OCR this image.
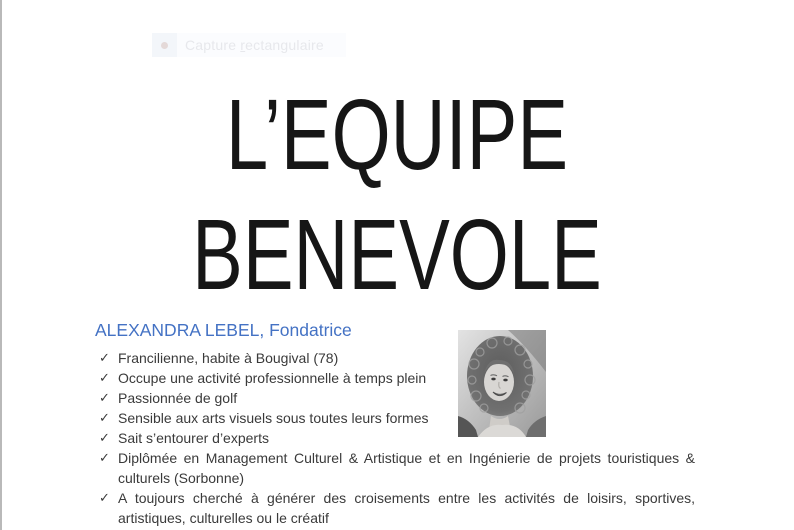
Capture rectangulaire
L’EQUIPE
BENEVOLE
ALEXANDRA LEBEL, Fondatrice
✓ Francilienne, habite à Bougival (78)
✓ Occupe une activité professionnelle à temps plein
✓ Passionnée de golf
✓ Sensible aux arts visuels sous toutes leurs formes
✓ Sait s’entourer d’experts
✓ Diplômée en Management Culturel & Artistique et en Ingénierie de projets touristiques & culturels (Sorbonne)
✓ A toujours cherché à générer des croisements entre les activités de loisirs, sportives, artistiques, culturelles ou le créatif
